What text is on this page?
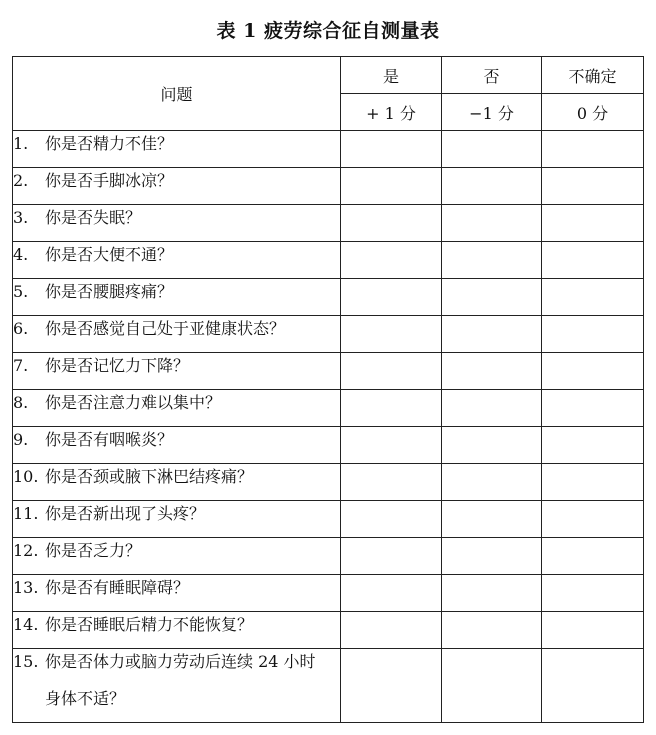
表 1 疲劳综合征自测量表
问题	是	否	不确定
	+ 1 分	−1 分	0 分
1. 你是否精力不佳？			
2. 你是否手脚冰凉？			
3. 你是否失眠？			
4. 你是否大便不通？			
5. 你是否腰腿疼痛？			
6. 你是否感觉自己处于亚健康状态？			
7. 你是否记忆力下降？			
8. 你是否注意力难以集中？			
9. 你是否有咽喉炎？			
10. 你是否颈或腋下淋巴结疼痛？			
11. 你是否新出现了头疼？			
12. 你是否乏力？			
13. 你是否有睡眠障碍？			
14. 你是否睡眠后精力不能恢复？			
15. 你是否体力或脑力劳动后连续 24 小时身体不适？			
